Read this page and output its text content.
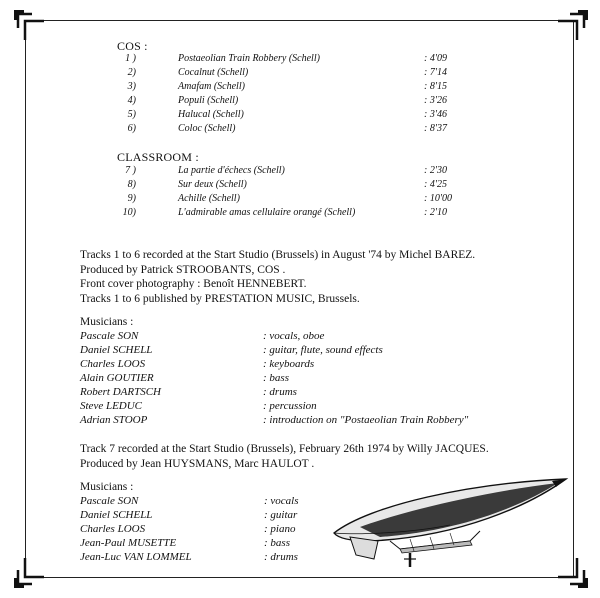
COS :
1 )	Postaeolian Train Robbery (Schell)	: 4'09
2)	Cocalnut (Schell)	: 7'14
3)	Amafam (Schell)	: 8'15
4)	Populi (Schell)	: 3'26
5)	Halucal (Schell)	: 3'46
6)	Coloc (Schell)	: 8'37
CLASSROOM :
7 )	La partie d'échecs (Schell)	: 2'30
8)	Sur deux (Schell)	: 4'25
9)	Achille (Schell)	: 10'00
10)	L'admirable amas cellulaire orangé (Schell)	: 2'10
Tracks 1 to 6 recorded at the Start Studio (Brussels) in August '74 by Michel BAREZ.
Produced by Patrick STROOBANTS, COS .
Front cover photography : Benoît HENNEBERT.
Tracks 1 to 6 published by PRESTATION MUSIC, Brussels.
Musicians :
Pascale SON	: vocals, oboe
Daniel SCHELL	: guitar, flute, sound effects
Charles LOOS	: keyboards
Alain GOUTIER	: bass
Robert DARTSCH	: drums
Steve LEDUC	: percussion
Adrian STOOP	: introduction on "Postaeolian Train Robbery"
Track 7 recorded at the Start Studio (Brussels), February 26th 1974 by Willy JACQUES.
Produced by Jean HUYSMANS, Marc HAULOT .
Musicians :
Pascale SON	: vocals
Daniel SCHELL	: guitar
Charles LOOS	: piano
Jean-Paul MUSETTE	: bass
Jean-Luc VAN LOMMEL	: drums
